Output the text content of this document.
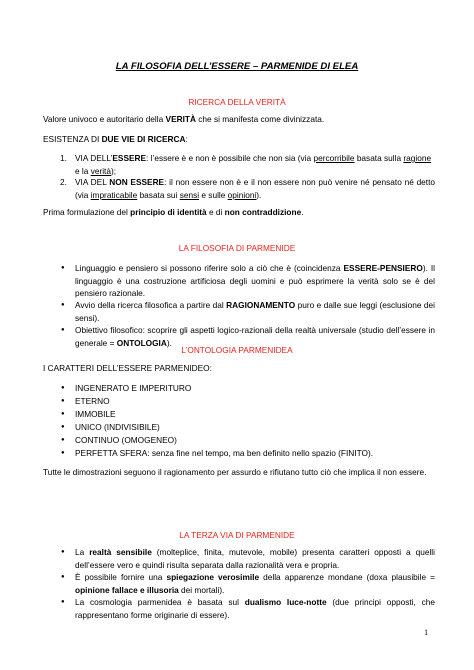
LA FILOSOFIA DELL’ESSERE – PARMENIDE DI ELEA
RICERCA DELLA VERITÀ
Valore univoco e autoritario della VERITÀ che si manifesta come divinizzata.
ESISTENZA DI DUE VIE DI RICERCA:
1. VIA DELL’ESSERE: l’essere è e non è possibile che non sia (via percorribile basata sulla ragione e la verità);
2. VIA DEL NON ESSERE: il non essere non è e il non essere non può venire né pensato né detto (via impraticabile basata sui sensi e sulle opinioni).
Prima formulazione del principio di identità e di non contraddizione.
LA FILOSOFIA DI PARMENIDE
● Linguaggio e pensiero si possono riferire solo a ciò che è (coincidenza ESSERE-PENSIERO). Il linguaggio è una costruzione artificiosa degli uomini e può esprimere la verità solo se è del pensiero razionale.
● Avvio della ricerca filosofica a partire dal RAGIONAMENTO puro e dalle sue leggi (esclusione dei sensi).
● Obiettivo filosofico: scoprire gli aspetti logico-razionali della realtà universale (studio dell’essere in generale = ONTOLOGIA).
L’ONTOLOGIA PARMENIDEA
I CARATTERI DELL’ESSERE PARMENIDEO:
● INGENERATO E IMPERITURO
● ETERNO
● IMMOBILE
● UNICO (INDIVISIBILE)
● CONTINUO (OMOGENEO)
● PERFETTA SFERA: senza fine nel tempo, ma ben definito nello spazio (FINITO).
Tutte le dimostrazioni seguono il ragionamento per assurdo e rifiutano tutto ciò che implica il non essere.
LA TERZA VIA DI PARMENIDE
● La realtà sensibile (molteplice, finita, mutevole, mobile) presenta caratteri opposti a quelli dell’essere vero e quindi risulta separata dalla razionalità vera e propria.
● È possibile fornire una spiegazione verosimile della apparenze mondane (doxa plausibile = opinione fallace e illusoria dei mortali).
● La cosmologia parmenidea è basata sul dualismo luce-notte (due principi opposti, che rappresentano forme originarie di essere).
1
